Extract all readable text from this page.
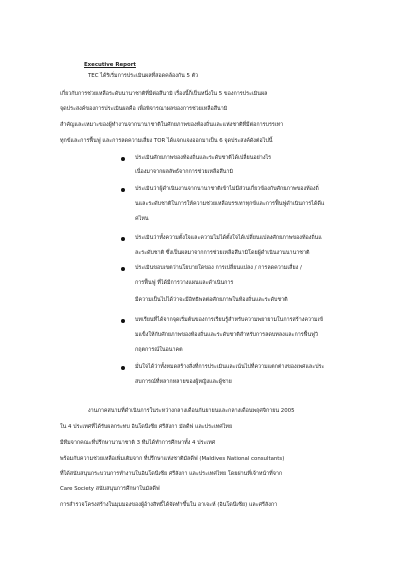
Executive Report
TEC ได้ริเริ่มการประเมินผลที่สอดคล้องกัน 5 ตัว
เกี่ยวกับการช่วยเหลือระดับนานาชาติที่มีต่อสึนามิ เรื่องนี้ก็เป็นหนึ่งใน 5 ของการประเมินผล
จุดประสงค์ของการประเมินผลคือ เพื่อพิจารณาผลของการช่วยเหลือสึนามิ
สำคัญและเหมาะของผู้ทำงานจากนานาชาติในศักยภาพของท้องถิ่นและแห่งชาติที่มีต่อการบรรเทา
ทุกข์และการฟื้นฟู และการลดความเสี่ยง TOR ได้แจกแจงออกมาเป็น 6 จุดประสงค์ดังต่อไปนี้
ประเมินศักยภาพของท้องถิ่นและระดับชาติได้เปลี่ยนอย่างไร
เนื่องมาจากผลลัพธ์จากการช่วยเหลือสึนามิ
ประเมินว่าผู้ดำเนินงานจากนานาชาติเข้าไม่มีส่วนเกี่ยวข้องกับศักยภาพของท้องถิ่
นและระดับชาติในการให้ความช่วยเหลือบรรเทาทุกข์และการฟื้นฟูดำเนินการได้ดีแ
ค่ไหน
ประเมินว่าทั้งความตั้งใจและความไม่ได้ตั้งใจได้เปลี่ยนแปลงศักยภาพของท้องถิ่นแ
ละระดับชาติ ซึ่งเป็นผลมาจากการช่วยเหลือสึนามิโดยผู้ดำเนินงานนานาชาติ
ประเมินขอบเขตว่านโยบายใดของ การเปลี่ยนแปลง / การลดความเสี่ยง /
การฟื้นฟู ที่ได้มีการวางแผนและดำเนินการ
มีความเป็นไปได้ว่าจะมีอิทธิพลต่อศักยภาพในท้องถิ่นและระดับชาติ
บทเรียนที่ได้จากจุดเริ่มต้นของการเรียนรู้สำหรับความพยายามในการสร้างความเข้
มแข็งให้กับศักยภาพของท้องถิ่นและระดับชาติสำหรับการลดบทลงและการฟื้นฟูวิ
กฤตการณ์ในอนาคต
มั่นใจได้ว่าทั้งหมดสร้างสิ่งที่การประเมินและเน้นไปที่ความแตกต่างของเพศและประ
สบการณ์ที่หลากหลายของผู้หญิงและผู้ชาย
งานภาคสนามที่ดำเนินการในระหว่างกลางเดือนกันยายนและกลางเดือนพฤศจิกายน 2005
ใน 4 ประเทศที่ได้รับผลกระทบ อินโดนีเซีย ศรีลังกา มัลดีฟ และประเทศไทย
มีทีมจากคณะที่ปรึกษานานาชาติ 3 ทีมได้ทำการศึกษาทั้ง 4 ประเทศ
พร้อมกับความช่วยเหลือเพิ่มเติมจาก ที่ปรึกษาแห่งชาติมัลดีฟ (Maldives National consultants)
ที่ได้สนับสนุนกระบวนการทำงานในอินโดนีเซีย ศรีลังกา และประเทศไทย โดยผ่านที่เจ้าหน้าที่จาก
Care Society สนับสนุนการศึกษาในมัลดีฟ
การสำรวจโครงสร้างในมุมมองของผู้อ้างสิทธิ์ได้จัดทำขึ้นใน อาเจะห์ (อินโดนีเซีย) และศรีลังกา
